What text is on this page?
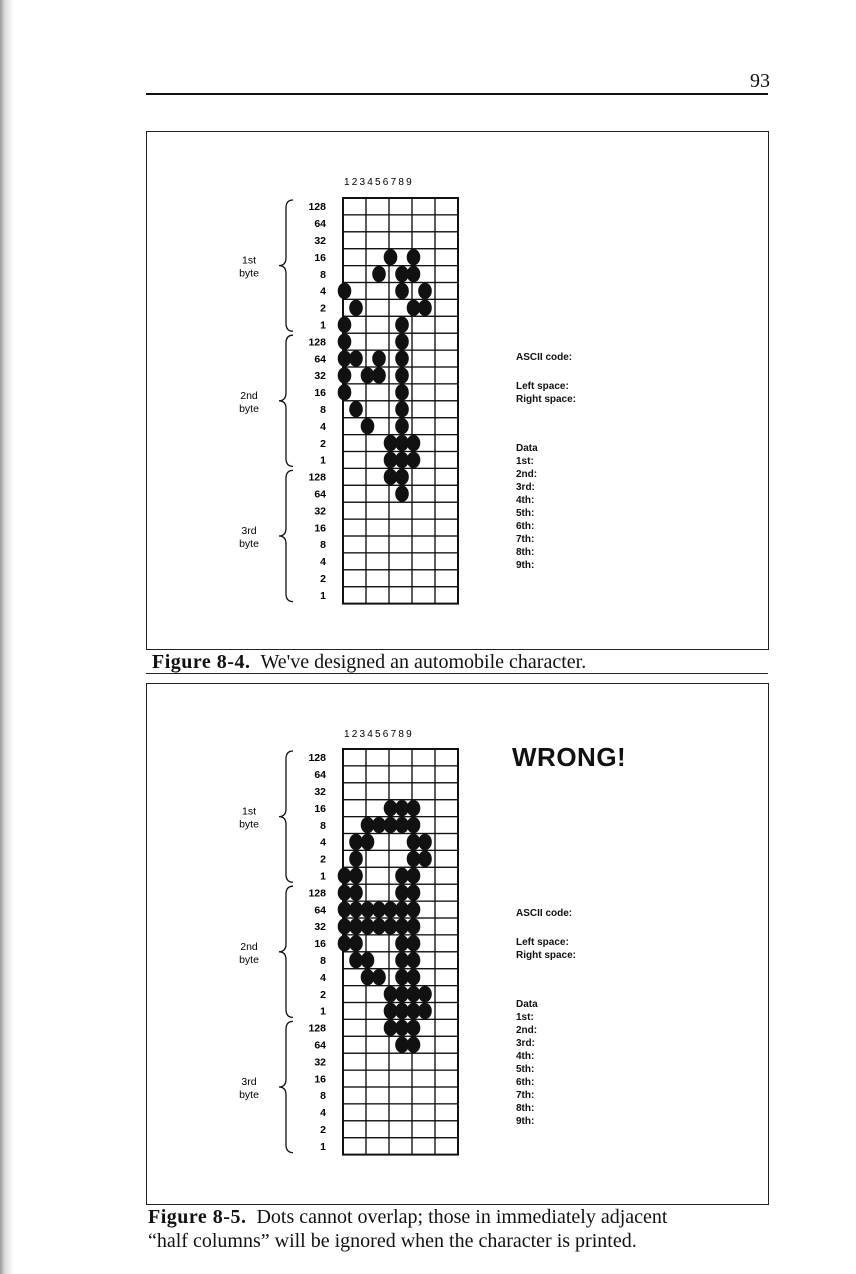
93
123456789
128
64
32
16
8
4
2
1
128
64
32
16
8
4
2
1
128
64
32
16
8
4
2
1
1st
byte
2nd
byte
3rd
byte
ASCII code:
Left space:
Right space:
Data
1st:
2nd:
3rd:
4th:
5th:
6th:
7th:
8th:
9th:
Figure 8-4. We've designed an automobile character.
123456789
128
64
32
16
8
4
2
1
128
64
32
16
8
4
2
1
128
64
32
16
8
4
2
1
1st
byte
2nd
byte
3rd
byte
WRONG!
ASCII code:
Left space:
Right space:
Data
1st:
2nd:
3rd:
4th:
5th:
6th:
7th:
8th:
9th:
Figure 8-5. Dots cannot overlap; those in immediately adjacent
“half columns” will be ignored when the character is printed.
